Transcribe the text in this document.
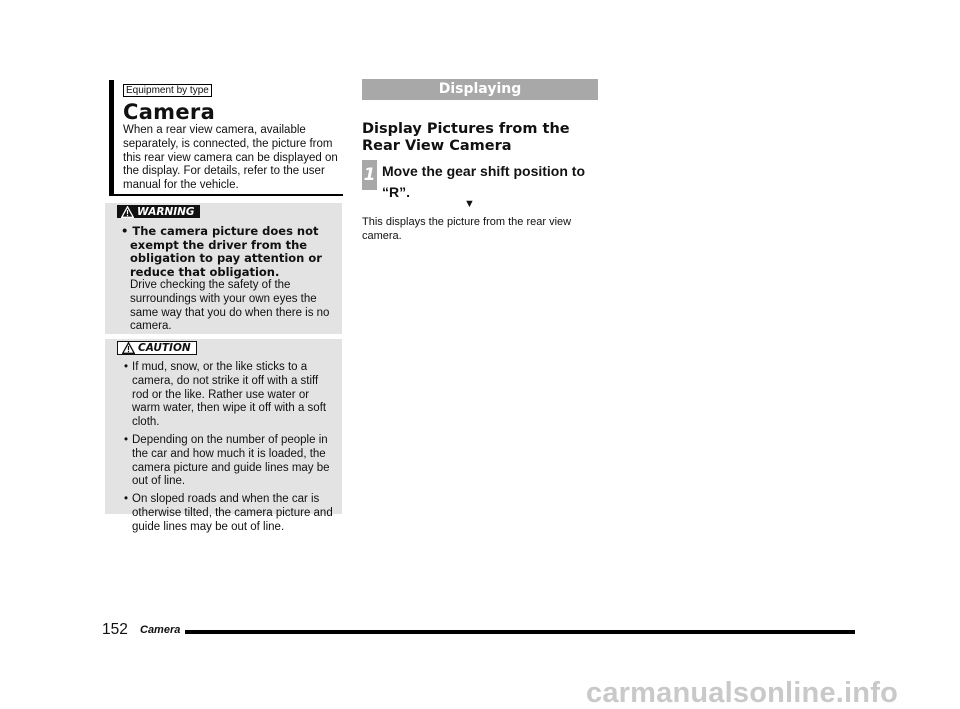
Equipment by type
Camera
When a rear view camera, available separately, is connected, the picture from this rear view camera can be displayed on the display. For details, refer to the user manual for the vehicle.
WARNING
• The camera picture does not exempt the driver from the obligation to pay attention or reduce that obligation.
Drive checking the safety of the surroundings with your own eyes the same way that you do when there is no camera.
CAUTION
• If mud, snow, or the like sticks to a camera, do not strike it off with a stiff rod or the like. Rather use water or warm water, then wipe it off with a soft cloth.
• Depending on the number of people in the car and how much it is loaded, the camera picture and guide lines may be out of line.
• On sloped roads and when the car is otherwise tilted, the camera picture and guide lines may be out of line.
Displaying
Display Pictures from the Rear View Camera
1 Move the gear shift position to “R”.
▼
This displays the picture from the rear view camera.
152 Camera
carmanualsonline.info
